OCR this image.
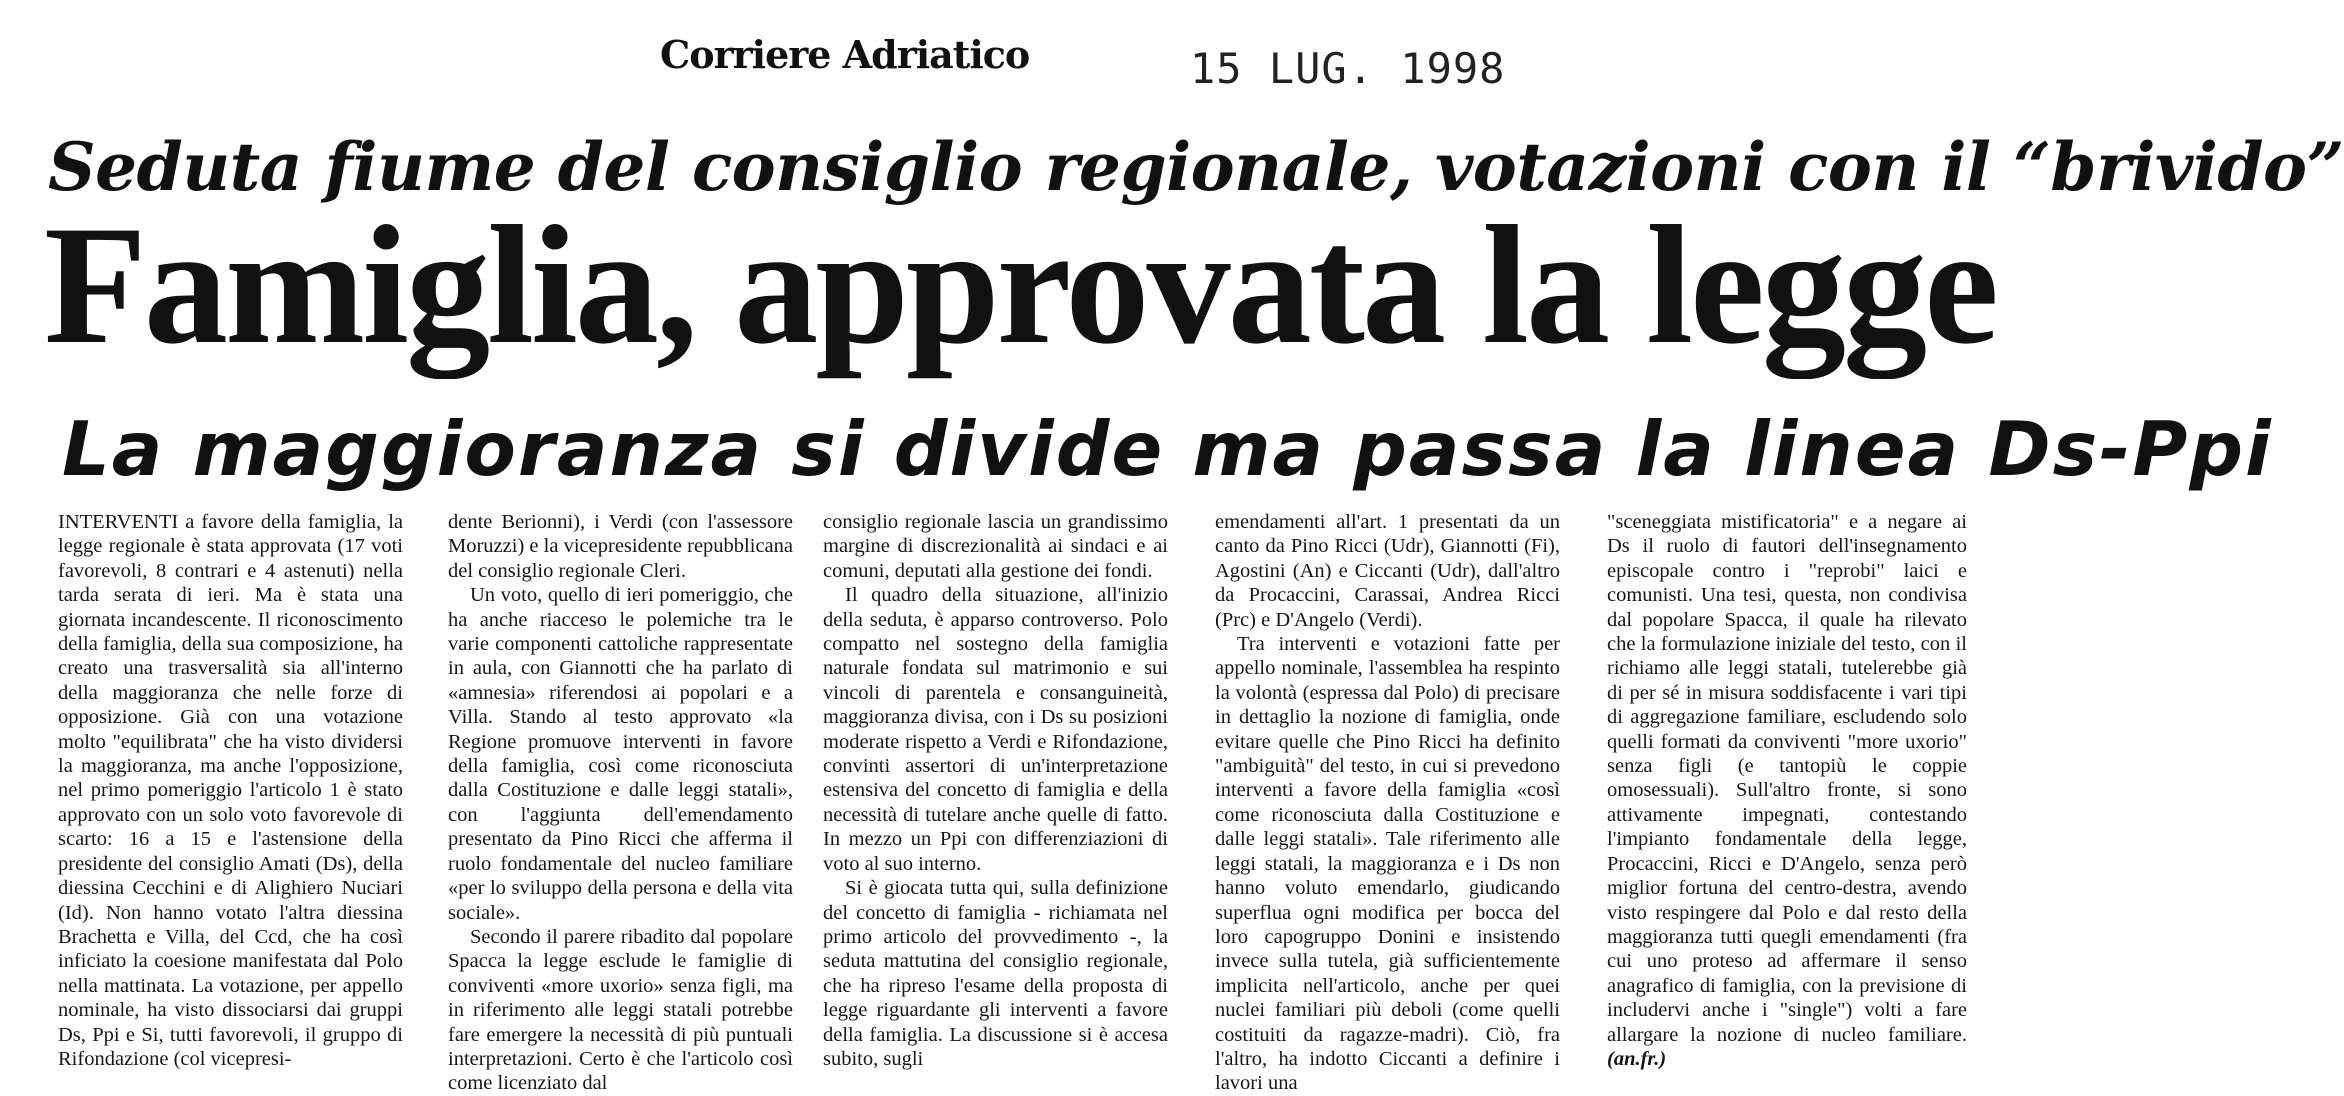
Corriere Adriatico	15 LUG. 1998
Seduta fiume del consiglio regionale, votazioni con il “brivido”
Famiglia, approvata la legge
La maggioranza si divide ma passa la linea Ds-Ppi

INTERVENTI a favore della famiglia, la legge regionale è stata approvata (17 voti favorevoli, 8 contrari e 4 astenuti) nella tarda serata di ieri. Ma è stata una giornata incandescente. Il riconoscimento della famiglia, della sua composizione, ha creato una trasversalità sia all'interno della maggioranza che nelle forze di opposizione. Già con una votazione molto "equilibrata" che ha visto dividersi la maggioranza, ma anche l'opposizione, nel primo pomeriggio l'articolo 1 è stato approvato con un solo voto favorevole di scarto: 16 a 15 e l'astensione della presidente del consiglio Amati (Ds), della diessina Cecchini e di Alighiero Nuciari (Id). Non hanno votato l'altra diessina Brachetta e Villa, del Ccd, che ha così inficiato la coesione manifestata dal Polo nella mattinata. La votazione, per appello nominale, ha visto dissociarsi dai gruppi Ds, Ppi e Si, tutti favorevoli, il gruppo di Rifondazione (col vicepresi-

dente Berionni), i Verdi (con l'assessore Moruzzi) e la vicepresidente repubblicana del consiglio regionale Cleri.

Un voto, quello di ieri pomeriggio, che ha anche riacceso le polemiche tra le varie componenti cattoliche rappresentate in aula, con Giannotti che ha parlato di «amnesia» riferendosi ai popolari e a Villa. Stando al testo approvato «la Regione promuove interventi in favore della famiglia, così come riconosciuta dalla Costituzione e dalle leggi statali», con l'aggiunta dell'emendamento presentato da Pino Ricci che afferma il ruolo fondamentale del nucleo familiare «per lo sviluppo della persona e della vita sociale».

Secondo il parere ribadito dal popolare Spacca la legge esclude le famiglie di conviventi «more uxorio» senza figli, ma in riferimento alle leggi statali potrebbe fare emergere la necessità di più puntuali interpretazioni. Certo è che l'articolo così come licenziato dal

consiglio regionale lascia un grandissimo margine di discrezionalità ai sindaci e ai comuni, deputati alla gestione dei fondi.

Il quadro della situazione, all'inizio della seduta, è apparso controverso. Polo compatto nel sostegno della famiglia naturale fondata sul matrimonio e sui vincoli di parentela e consanguineità, maggioranza divisa, con i Ds su posizioni moderate rispetto a Verdi e Rifondazione, convinti assertori di un'interpretazione estensiva del concetto di famiglia e della necessità di tutelare anche quelle di fatto. In mezzo un Ppi con differenziazioni di voto al suo interno.

Si è giocata tutta qui, sulla definizione del concetto di famiglia - richiamata nel primo articolo del provvedimento -, la seduta mattutina del consiglio regionale, che ha ripreso l'esame della proposta di legge riguardante gli interventi a favore della famiglia. La discussione si è accesa subito, sugli

emendamenti all'art. 1 presentati da un canto da Pino Ricci (Udr), Giannotti (Fi), Agostini (An) e Ciccanti (Udr), dall'altro da Procaccini, Carassai, Andrea Ricci (Prc) e D'Angelo (Verdi).

Tra interventi e votazioni fatte per appello nominale, l'assemblea ha respinto la volontà (espressa dal Polo) di precisare in dettaglio la nozione di famiglia, onde evitare quelle che Pino Ricci ha definito "ambiguità" del testo, in cui si prevedono interventi a favore della famiglia «così come riconosciuta dalla Costituzione e dalle leggi statali». Tale riferimento alle leggi statali, la maggioranza e i Ds non hanno voluto emendarlo, giudicando superflua ogni modifica per bocca del loro capogruppo Donini e insistendo invece sulla tutela, già sufficientemente implicita nell'articolo, anche per quei nuclei familiari più deboli (come quelli costituiti da ragazze-madri). Ciò, fra l'altro, ha indotto Ciccanti a definire i lavori una

"sceneggiata mistificatoria" e a negare ai Ds il ruolo di fautori dell'insegnamento episcopale contro i "reprobi" laici e comunisti. Una tesi, questa, non condivisa dal popolare Spacca, il quale ha rilevato che la formulazione iniziale del testo, con il richiamo alle leggi statali, tutelerebbe già di per sé in misura soddisfacente i vari tipi di aggregazione familiare, escludendo solo quelli formati da conviventi "more uxorio" senza figli (e tantopiù le coppie omosessuali). Sull'altro fronte, si sono attivamente impegnati, contestando l'impianto fondamentale della legge, Procaccini, Ricci e D'Angelo, senza però miglior fortuna del centro-destra, avendo visto respingere dal Polo e dal resto della maggioranza tutti quegli emendamenti (fra cui uno proteso ad affermare il senso anagrafico di famiglia, con la previsione di includervi anche i "single") volti a fare allargare la nozione di nucleo familiare. (an.fr.)
